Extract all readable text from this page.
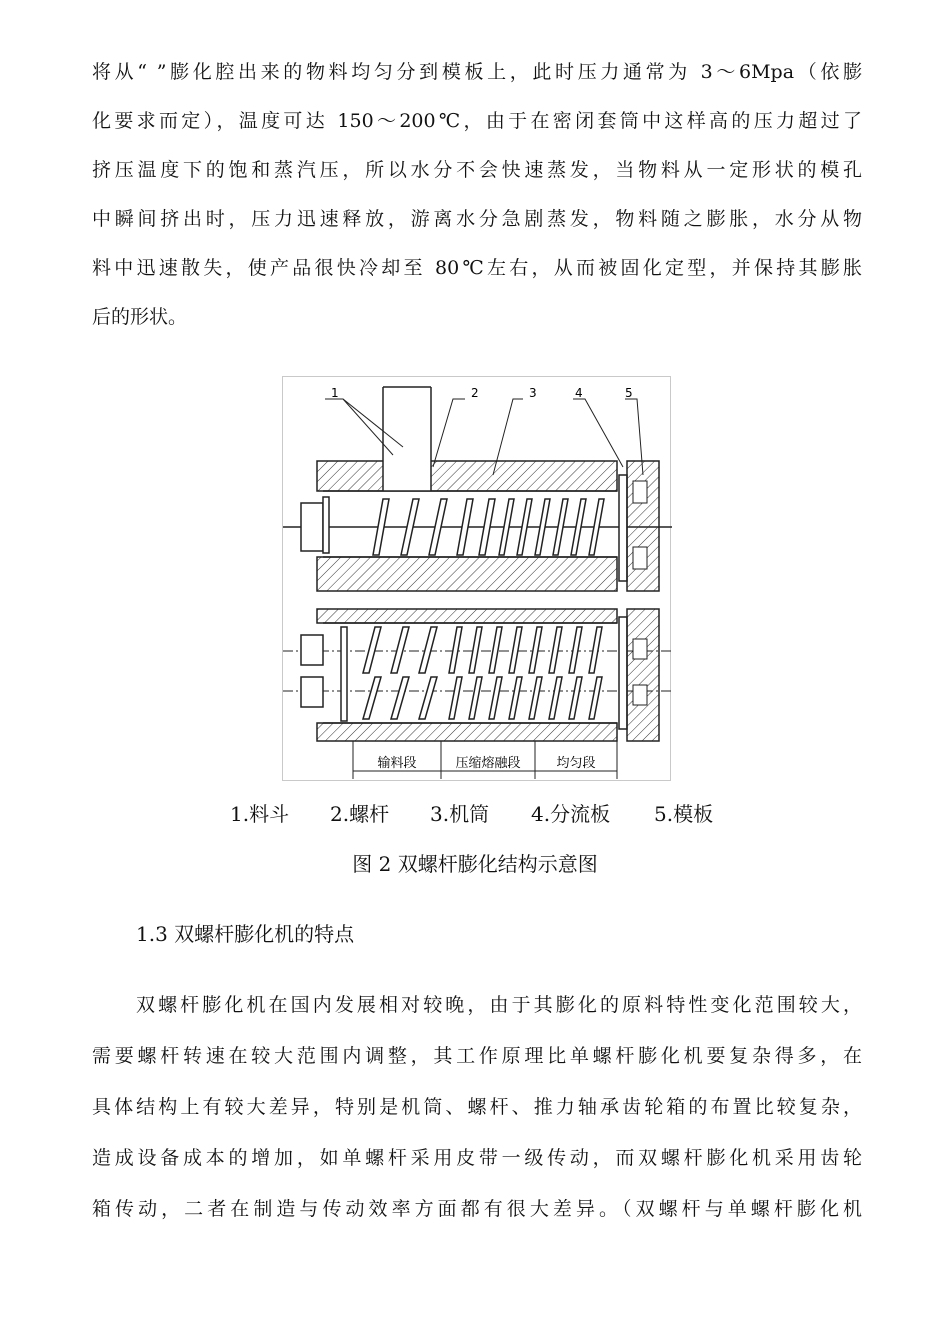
将从“ ”膨化腔出来的物料均匀分到模板上，此时压力通常为 3～6Mpa（依膨
化要求而定），温度可达 150～200℃，由于在密闭套筒中这样高的压力超过了
挤压温度下的饱和蒸汽压，所以水分不会快速蒸发，当物料从一定形状的模孔
中瞬间挤出时，压力迅速释放，游离水分急剧蒸发，物料随之膨胀，水分从物
料中迅速散失，使产品很快冷却至 80℃左右，从而被固化定型，并保持其膨胀
后的形状。
1	2	3	4	5
输料段	压缩熔融段	均匀段
1.料斗 2.螺杆 3.机筒 4.分流板 5.模板
图 2 双螺杆膨化结构示意图
1.3 双螺杆膨化机的特点
双螺杆膨化机在国内发展相对较晚，由于其膨化的原料特性变化范围较大，
需要螺杆转速在较大范围内调整，其工作原理比单螺杆膨化机要复杂得多，在
具体结构上有较大差异，特别是机筒、螺杆、推力轴承齿轮箱的布置比较复杂，
造成设备成本的增加，如单螺杆采用皮带一级传动，而双螺杆膨化机采用齿轮
箱传动，二者在制造与传动效率方面都有很大差异。（双螺杆与单螺杆膨化机
